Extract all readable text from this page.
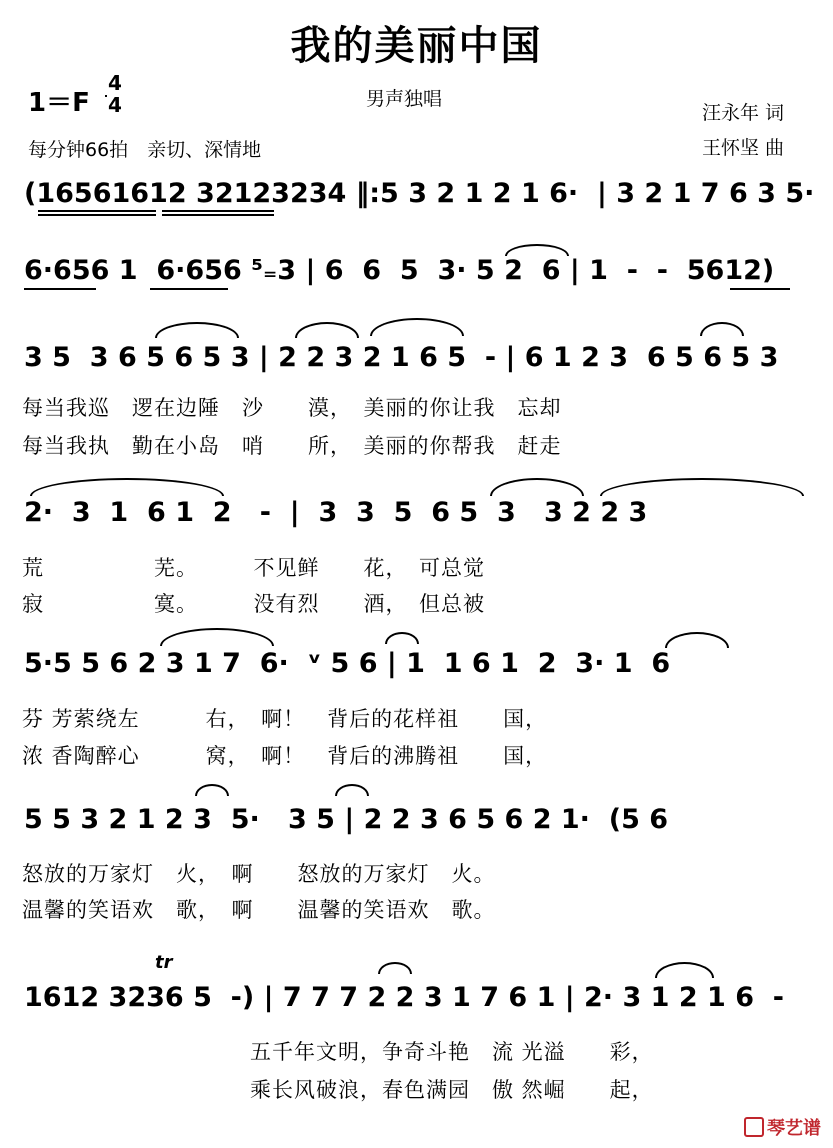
我的美丽中国
男声独唱
1＝F
4
4
每分钟66拍　亲切、深情地
汪永年 词
王怀坚 曲
(16561612 32123234 ‖:5 3 2 1 2 1 6·  | 3 2 1 7 6 3 5·
6·656 1  6·656 ⁵₌3 | 6  6  5  3· 5 2  6 | 1  -  -  5612)
3 5  3 6 5 6 5 3 | 2 2 3 2 1 6 5  - | 6 1 2 3  6 5 6 5 3
每当我巡　逻在边陲　沙　　漠，　美丽的你让我　忘却
每当我执　勤在小岛　哨　　所，　美丽的你帮我　赶走
2·  3  1  6 1  2   -  |  3  3  5  6 5  3   3 2 2 3
荒　　　　　芜。　　　不见鲜　　花，　可总觉
寂　　　　　寞。　　　没有烈　　酒，　但总被
5·5 5 6 2 3 1 7  6·  ᵛ 5 6 | 1  1 6 1  2  3· 1  6
芬 芳萦绕左　　　右，　啊！　背后的花样祖　　国，
浓 香陶醉心　　　窝，　啊！　背后的沸腾祖　　国，
5 5 3 2 1 2 3  5·   3 5 | 2 2 3 6 5 6 2 1·  (5 6
怒放的万家灯　火，　啊　　怒放的万家灯　火。
温馨的笑语欢　歌，　啊　　温馨的笑语欢　歌。
tr
1612 3236 5  -) | 7 7 7 2 2 3 1 7 6 1 | 2· 3 1 2 1 6  -
五千年文明，争奇斗艳　流 光溢　　彩，
乘长风破浪，春色满园　傲 然崛　　起，
琴艺谱
